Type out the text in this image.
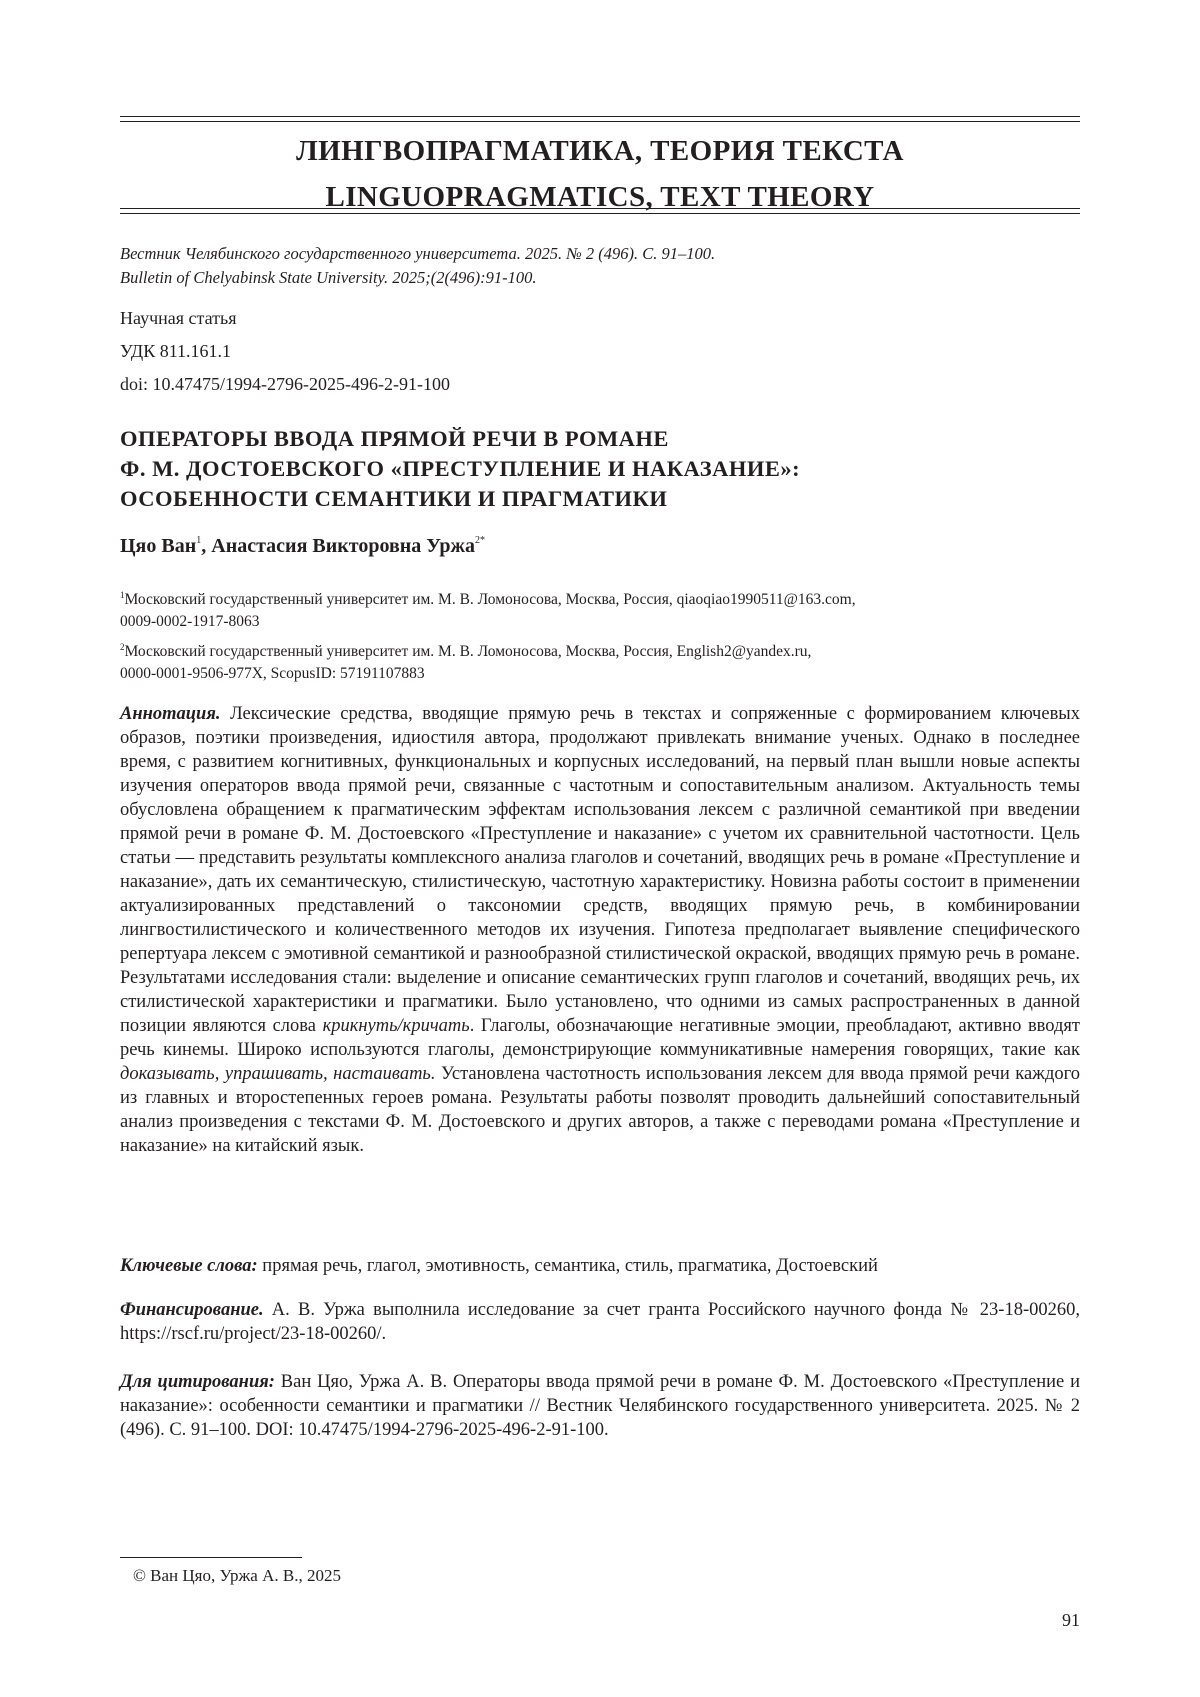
ЛИНГВОПРАГМАТИКА, ТЕОРИЯ ТЕКСТА
LINGUOPRAGMATICS, TEXT THEORY
Вестник Челябинского государственного университета. 2025. № 2 (496). С. 91–100.
Bulletin of Chelyabinsk State University. 2025;(2(496):91-100.
Научная статья
УДК 811.161.1
doi: 10.47475/1994-2796-2025-496-2-91-100
ОПЕРАТОРЫ ВВОДА ПРЯМОЙ РЕЧИ В РОМАНЕ
Ф. М. ДОСТОЕВСКОГО «ПРЕСТУПЛЕНИЕ И НАКАЗАНИЕ»:
ОСОБЕННОСТИ СЕМАНТИКИ И ПРАГМАТИКИ
Цяо Ван$^1$, Анастасия Викторовна Уржа$^{2*}$
$^1$Московский государственный университет им. М. В. Ломоносова, Москва, Россия, qiaoqiao1990511@163.com,
0009-0002-1917-8063
$^2$Московский государственный университет им. М. В. Ломоносова, Москва, Россия, English2@yandex.ru,
0000-0001-9506-977X, ScopusID: 57191107883
Аннотация. Лексические средства, вводящие прямую речь в текстах и сопряженные с формированием ключевых образов, поэтики произведения, идиостиля автора, продолжают привлекать внимание ученых. Однако в последнее время, с развитием когнитивных, функциональных и корпусных исследований, на первый план вышли новые аспекты изучения операторов ввода прямой речи, связанные с частотным и сопоставительным анализом. Актуальность темы обусловлена обращением к прагматическим эффектам использования лексем с различной семантикой при введении прямой речи в романе Ф. М. Достоевского «Преступление и наказание» с учетом их сравнительной частотности. Цель статьи — представить результаты комплексного анализа глаголов и сочетаний, вводящих речь в романе «Преступление и наказание», дать их семантическую, стилистическую, частотную характеристику. Новизна работы состоит в применении актуализированных представлений о таксономии средств, вводящих прямую речь, в комбинировании лингвостилистического и количественного методов их изучения. Гипотеза предполагает выявление специфического репертуара лексем с эмотивной семантикой и разнообразной стилистической окраской, вводящих прямую речь в романе. Результатами исследования стали: выделение и описание семантических групп глаголов и сочетаний, вводящих речь, их стилистической характеристики и прагматики. Было установлено, что одними из самых распространенных в данной позиции являются слова крикнуть/кричать. Глаголы, обозначающие негативные эмоции, преобладают, активно вводят речь кинемы. Широко используются глаголы, демонстрирующие коммуникативные намерения говорящих, такие как доказывать, упрашивать, настаивать. Установлена частотность использования лексем для ввода прямой речи каждого из главных и второстепенных героев романа. Результаты работы позволят проводить дальнейший сопоставительный анализ произведения с текстами Ф. М. Достоевского и других авторов, а также с переводами романа «Преступление и наказание» на китайский язык.
Ключевые слова: прямая речь, глагол, эмотивность, семантика, стиль, прагматика, Достоевский
Финансирование. А. В. Уржа выполнила исследование за счет гранта Российского научного фонда № 23-18-00260, https://rscf.ru/project/23-18-00260/.
Для цитирования: Ван Цяо, Уржа А. В. Операторы ввода прямой речи в романе Ф. М. Достоевского «Преступление и наказание»: особенности семантики и прагматики // Вестник Челябинского государственного университета. 2025. № 2 (496). С. 91–100. DOI: 10.47475/1994-2796-2025-496-2-91-100.
© Ван Цяо, Уржа А. В., 2025
91
